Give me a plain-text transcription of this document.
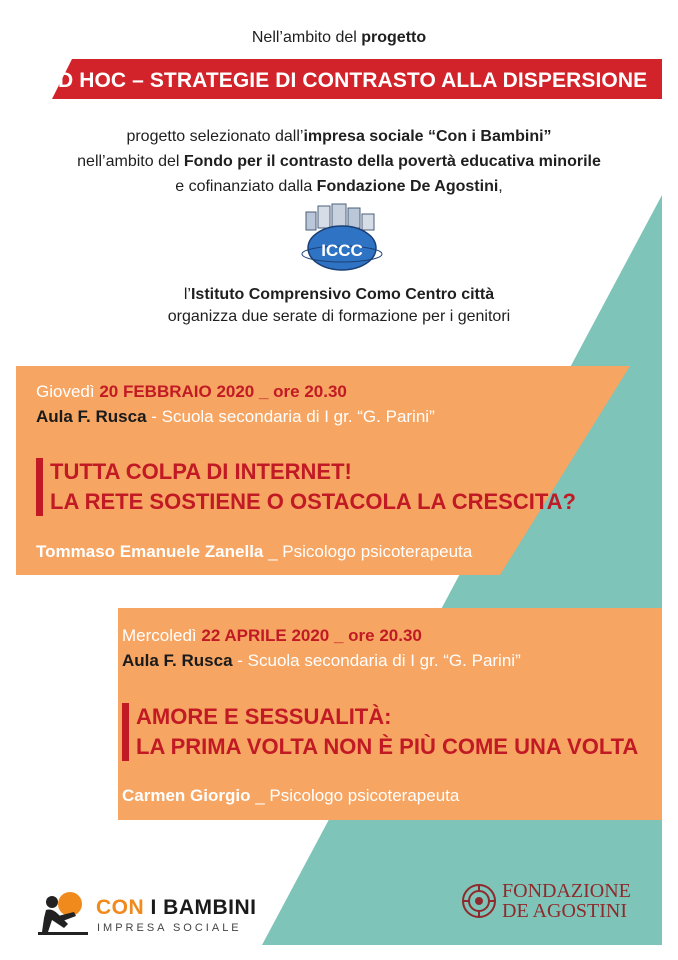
Nell’ambito del progetto
AD HOC – STRATEGIE DI CONTRASTO ALLA DISPERSIONE
progetto selezionato dall’impresa sociale “Con i Bambini”
nell’ambito del Fondo per il contrasto della povertà educativa minorile
e cofinanziato dalla Fondazione De Agostini,
ICCC
l’Istituto Comprensivo Como Centro città
organizza due serate di formazione per i genitori
Giovedì 20 FEBBRAIO 2020 _ ore 20.30
Aula F. Rusca - Scuola secondaria di I gr. “G. Parini”
TUTTA COLPA DI INTERNET!
LA RETE SOSTIENE O OSTACOLA LA CRESCITA?
Tommaso Emanuele Zanella _ Psicologo psicoterapeuta
Mercoledì 22 APRILE 2020 _ ore 20.30
Aula F. Rusca - Scuola secondaria di I gr. “G. Parini”
AMORE E SESSUALITÀ:
LA PRIMA VOLTA NON È PIÙ COME UNA VOLTA
Carmen Giorgio _ Psicologo psicoterapeuta
CON I BAMBINI
IMPRESA SOCIALE
FONDAZIONE
DE AGOSTINI
